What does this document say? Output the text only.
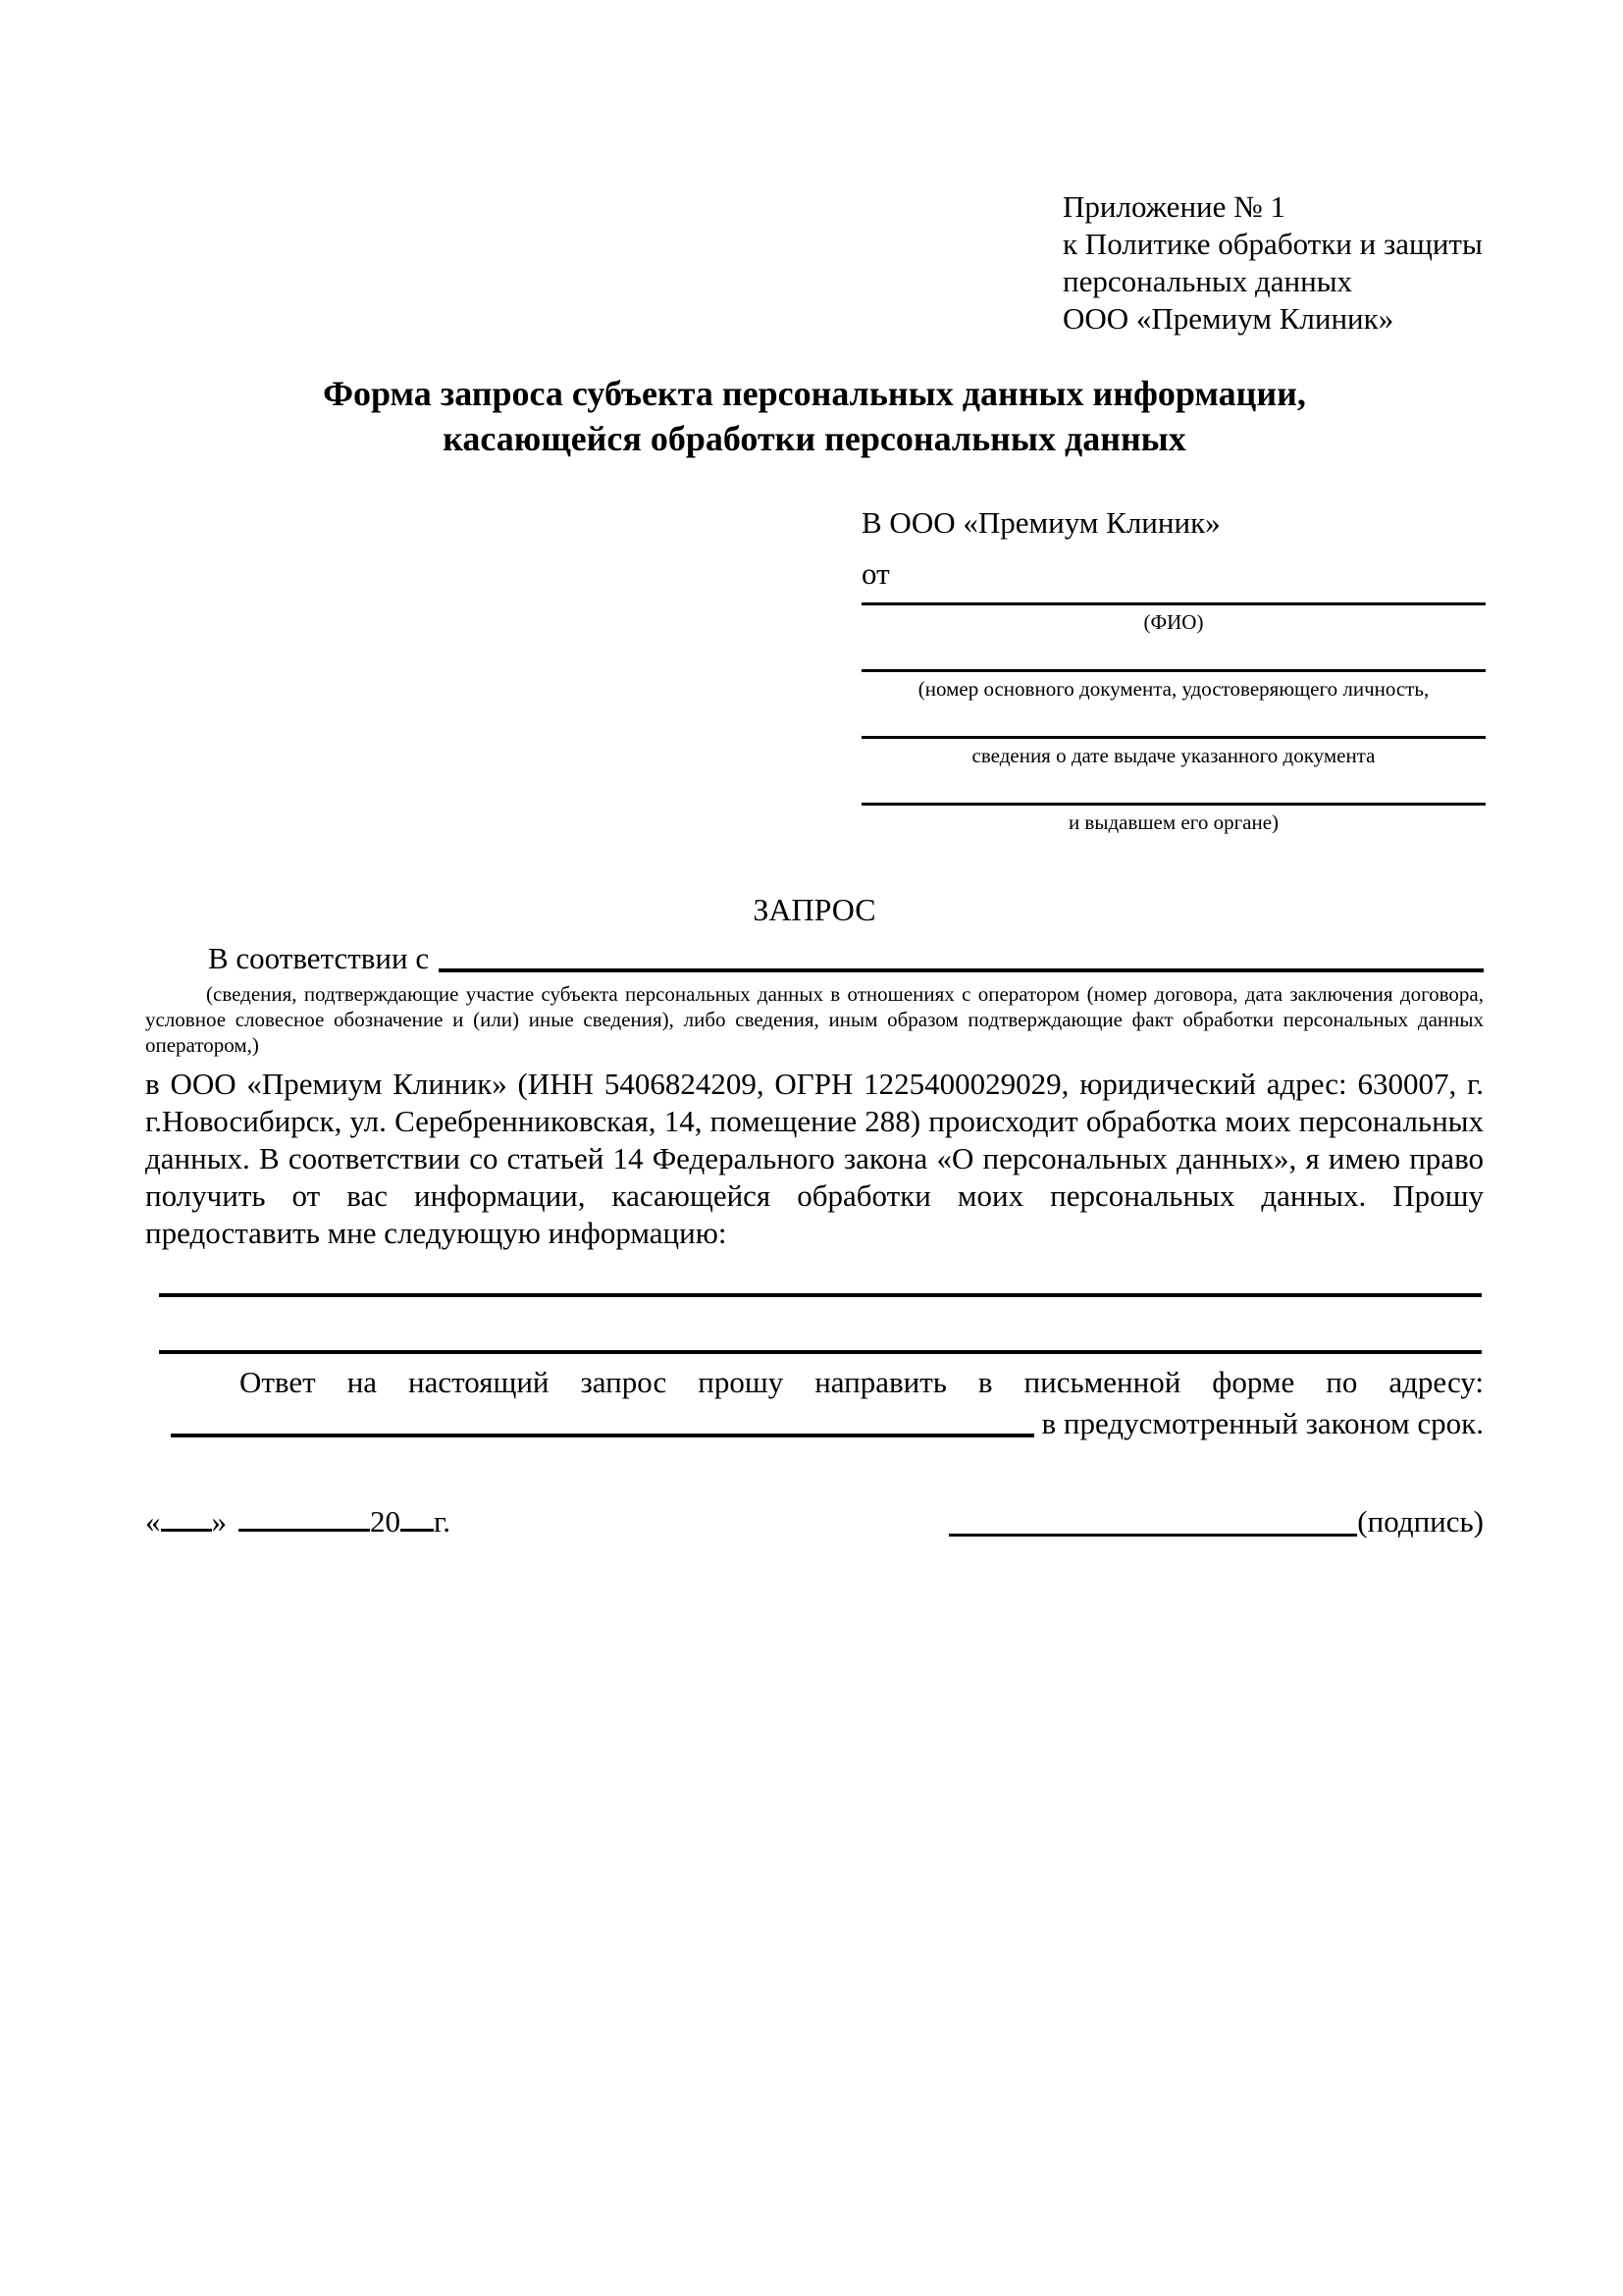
Приложение № 1
к Политике обработки и защиты
персональных данных
ООО «Премиум Клиник»
Форма запроса субъекта персональных данных информации,
касающейся обработки персональных данных
В ООО «Премиум Клиник»
от
(ФИО)
(номер основного документа, удостоверяющего личность,
сведения о дате выдаче указанного документа
и выдавшем его органе)
ЗАПРОС
В соответствии с
(сведения, подтверждающие участие субъекта персональных данных в отношениях с оператором (номер договора, дата заключения договора, условное словесное обозначение и (или) иные сведения), либо сведения, иным образом подтверждающие факт обработки персональных данных оператором,)
в ООО «Премиум Клиник» (ИНН 5406824209, ОГРН 1225400029029, юридический адрес: 630007, г. г.Новосибирск, ул. Серебренниковская, 14, помещение 288) происходит обработка моих персональных данных. В соответствии со статьей 14 Федерального закона «О персональных данных», я имею право получить от вас информации, касающейся обработки моих персональных данных. Прошу предоставить мне следующую информацию:
Ответ на настоящий запрос прошу направить в письменной форме по адресу:
в предусмотренный законом срок.
« »	20 г.	(подпись)
